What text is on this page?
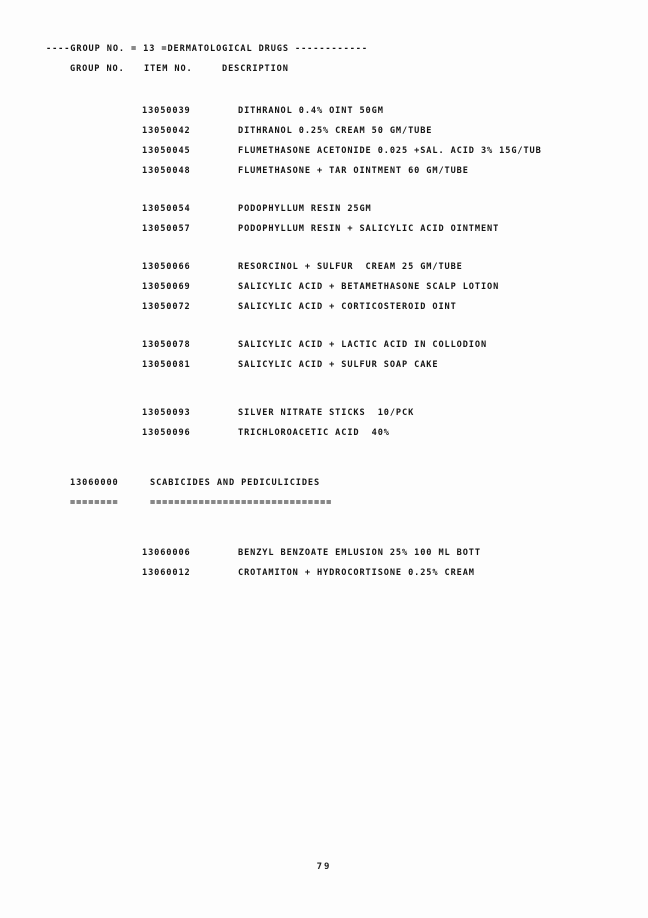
----GROUP NO. = 13 =DERMATOLOGICAL DRUGS ------------
GROUP NO. ITEM NO.	DESCRIPTION
13050039	DITHRANOL 0.4% OINT 50GM
13050042	DITHRANOL 0.25% CREAM 50 GM/TUBE
13050045	FLUMETHASONE ACETONIDE 0.025 +SAL. ACID 3% 15G/TUB
13050048	FLUMETHASONE + TAR OINTMENT 60 GM/TUBE
13050054	PODOPHYLLUM RESIN 25GM
13050057	PODOPHYLLUM RESIN + SALICYLIC ACID OINTMENT
13050066	RESORCINOL + SULFUR  CREAM 25 GM/TUBE
13050069	SALICYLIC ACID + BETAMETHASONE SCALP LOTION
13050072	SALICYLIC ACID + CORTICOSTEROID OINT
13050078	SALICYLIC ACID + LACTIC ACID IN COLLODION
13050081	SALICYLIC ACID + SULFUR SOAP CAKE
13050093	SILVER NITRATE STICKS  10/PCK
13050096	TRICHLOROACETIC ACID  40%
13060000	SCABICIDES AND PEDICULICIDES
========	==============================
13060006	BENZYL BENZOATE EMLUSION 25% 100 ML BOTT
13060012	CROTAMITON + HYDROCORTISONE 0.25% CREAM
79
